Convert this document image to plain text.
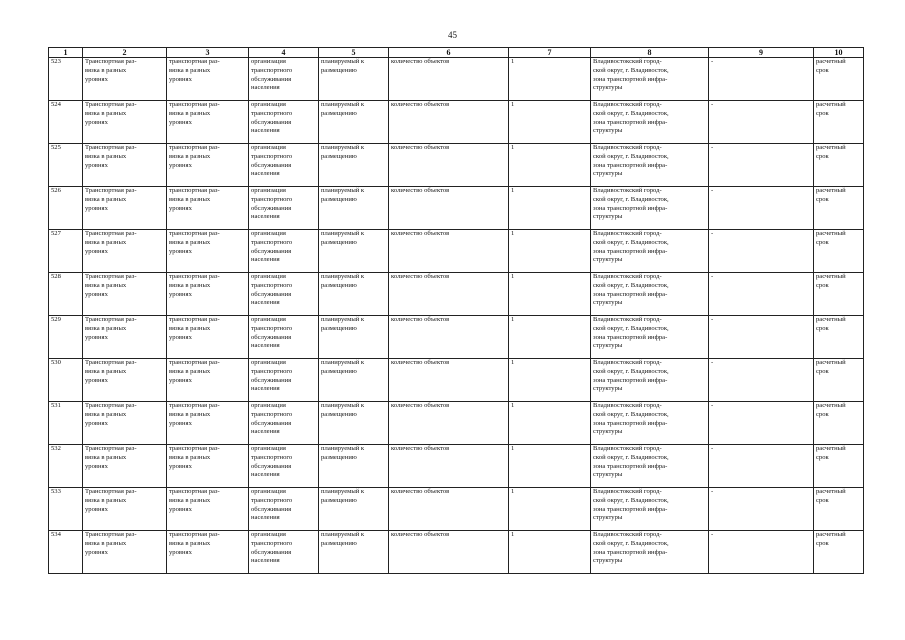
45
1	2	3	4	5	6	7	8	9	10

523	Транспортная раз-
вязка в разных
уровнях	транспортная раз-
вязка в разных
уровнях	организация
транспортного
обслуживания
населения	планируемый к
размещению	количество объектов	1	Владивостокский город-
ской округ, г. Владивосток,
зона транспортной инфра-
структуры	-	расчетный
срок

524	Транспортная раз-
вязка в разных
уровнях	транспортная раз-
вязка в разных
уровнях	организация
транспортного
обслуживания
населения	планируемый к
размещению	количество объектов	1	Владивостокский город-
ской округ, г. Владивосток,
зона транспортной инфра-
структуры	-	расчетный
срок

525	Транспортная раз-
вязка в разных
уровнях	транспортная раз-
вязка в разных
уровнях	организация
транспортного
обслуживания
населения	планируемый к
размещению	количество объектов	1	Владивостокский город-
ской округ, г. Владивосток,
зона транспортной инфра-
структуры	-	расчетный
срок

526	Транспортная раз-
вязка в разных
уровнях	транспортная раз-
вязка в разных
уровнях	организация
транспортного
обслуживания
населения	планируемый к
размещению	количество объектов	1	Владивостокский город-
ской округ, г. Владивосток,
зона транспортной инфра-
структуры	-	расчетный
срок

527	Транспортная раз-
вязка в разных
уровнях	транспортная раз-
вязка в разных
уровнях	организация
транспортного
обслуживания
населения	планируемый к
размещению	количество объектов	1	Владивостокский город-
ской округ, г. Владивосток,
зона транспортной инфра-
структуры	-	расчетный
срок

528	Транспортная раз-
вязка в разных
уровнях	транспортная раз-
вязка в разных
уровнях	организация
транспортного
обслуживания
населения	планируемый к
размещению	количество объектов	1	Владивостокский город-
ской округ, г. Владивосток,
зона транспортной инфра-
структуры	-	расчетный
срок

529	Транспортная раз-
вязка в разных
уровнях	транспортная раз-
вязка в разных
уровнях	организация
транспортного
обслуживания
населения	планируемый к
размещению	количество объектов	1	Владивостокский город-
ской округ, г. Владивосток,
зона транспортной инфра-
структуры	-	расчетный
срок

530	Транспортная раз-
вязка в разных
уровнях	транспортная раз-
вязка в разных
уровнях	организация
транспортного
обслуживания
населения	планируемый к
размещению	количество объектов	1	Владивостокский город-
ской округ, г. Владивосток,
зона транспортной инфра-
структуры	-	расчетный
срок

531	Транспортная раз-
вязка в разных
уровнях	транспортная раз-
вязка в разных
уровнях	организация
транспортного
обслуживания
населения	планируемый к
размещению	количество объектов	1	Владивостокский город-
ской округ, г. Владивосток,
зона транспортной инфра-
структуры	-	расчетный
срок

532	Транспортная раз-
вязка в разных
уровнях	транспортная раз-
вязка в разных
уровнях	организация
транспортного
обслуживания
населения	планируемый к
размещению	количество объектов	1	Владивостокский город-
ской округ, г. Владивосток,
зона транспортной инфра-
структуры	-	расчетный
срок

533	Транспортная раз-
вязка в разных
уровнях	транспортная раз-
вязка в разных
уровнях	организация
транспортного
обслуживания
населения	планируемый к
размещению	количество объектов	1	Владивостокский город-
ской округ, г. Владивосток,
зона транспортной инфра-
структуры	-	расчетный
срок

534	Транспортная раз-
вязка в разных
уровнях	транспортная раз-
вязка в разных
уровнях	организация
транспортного
обслуживания
населения	планируемый к
размещению	количество объектов	1	Владивостокский город-
ской округ, г. Владивосток,
зона транспортной инфра-
структуры	-	расчетный
срок
